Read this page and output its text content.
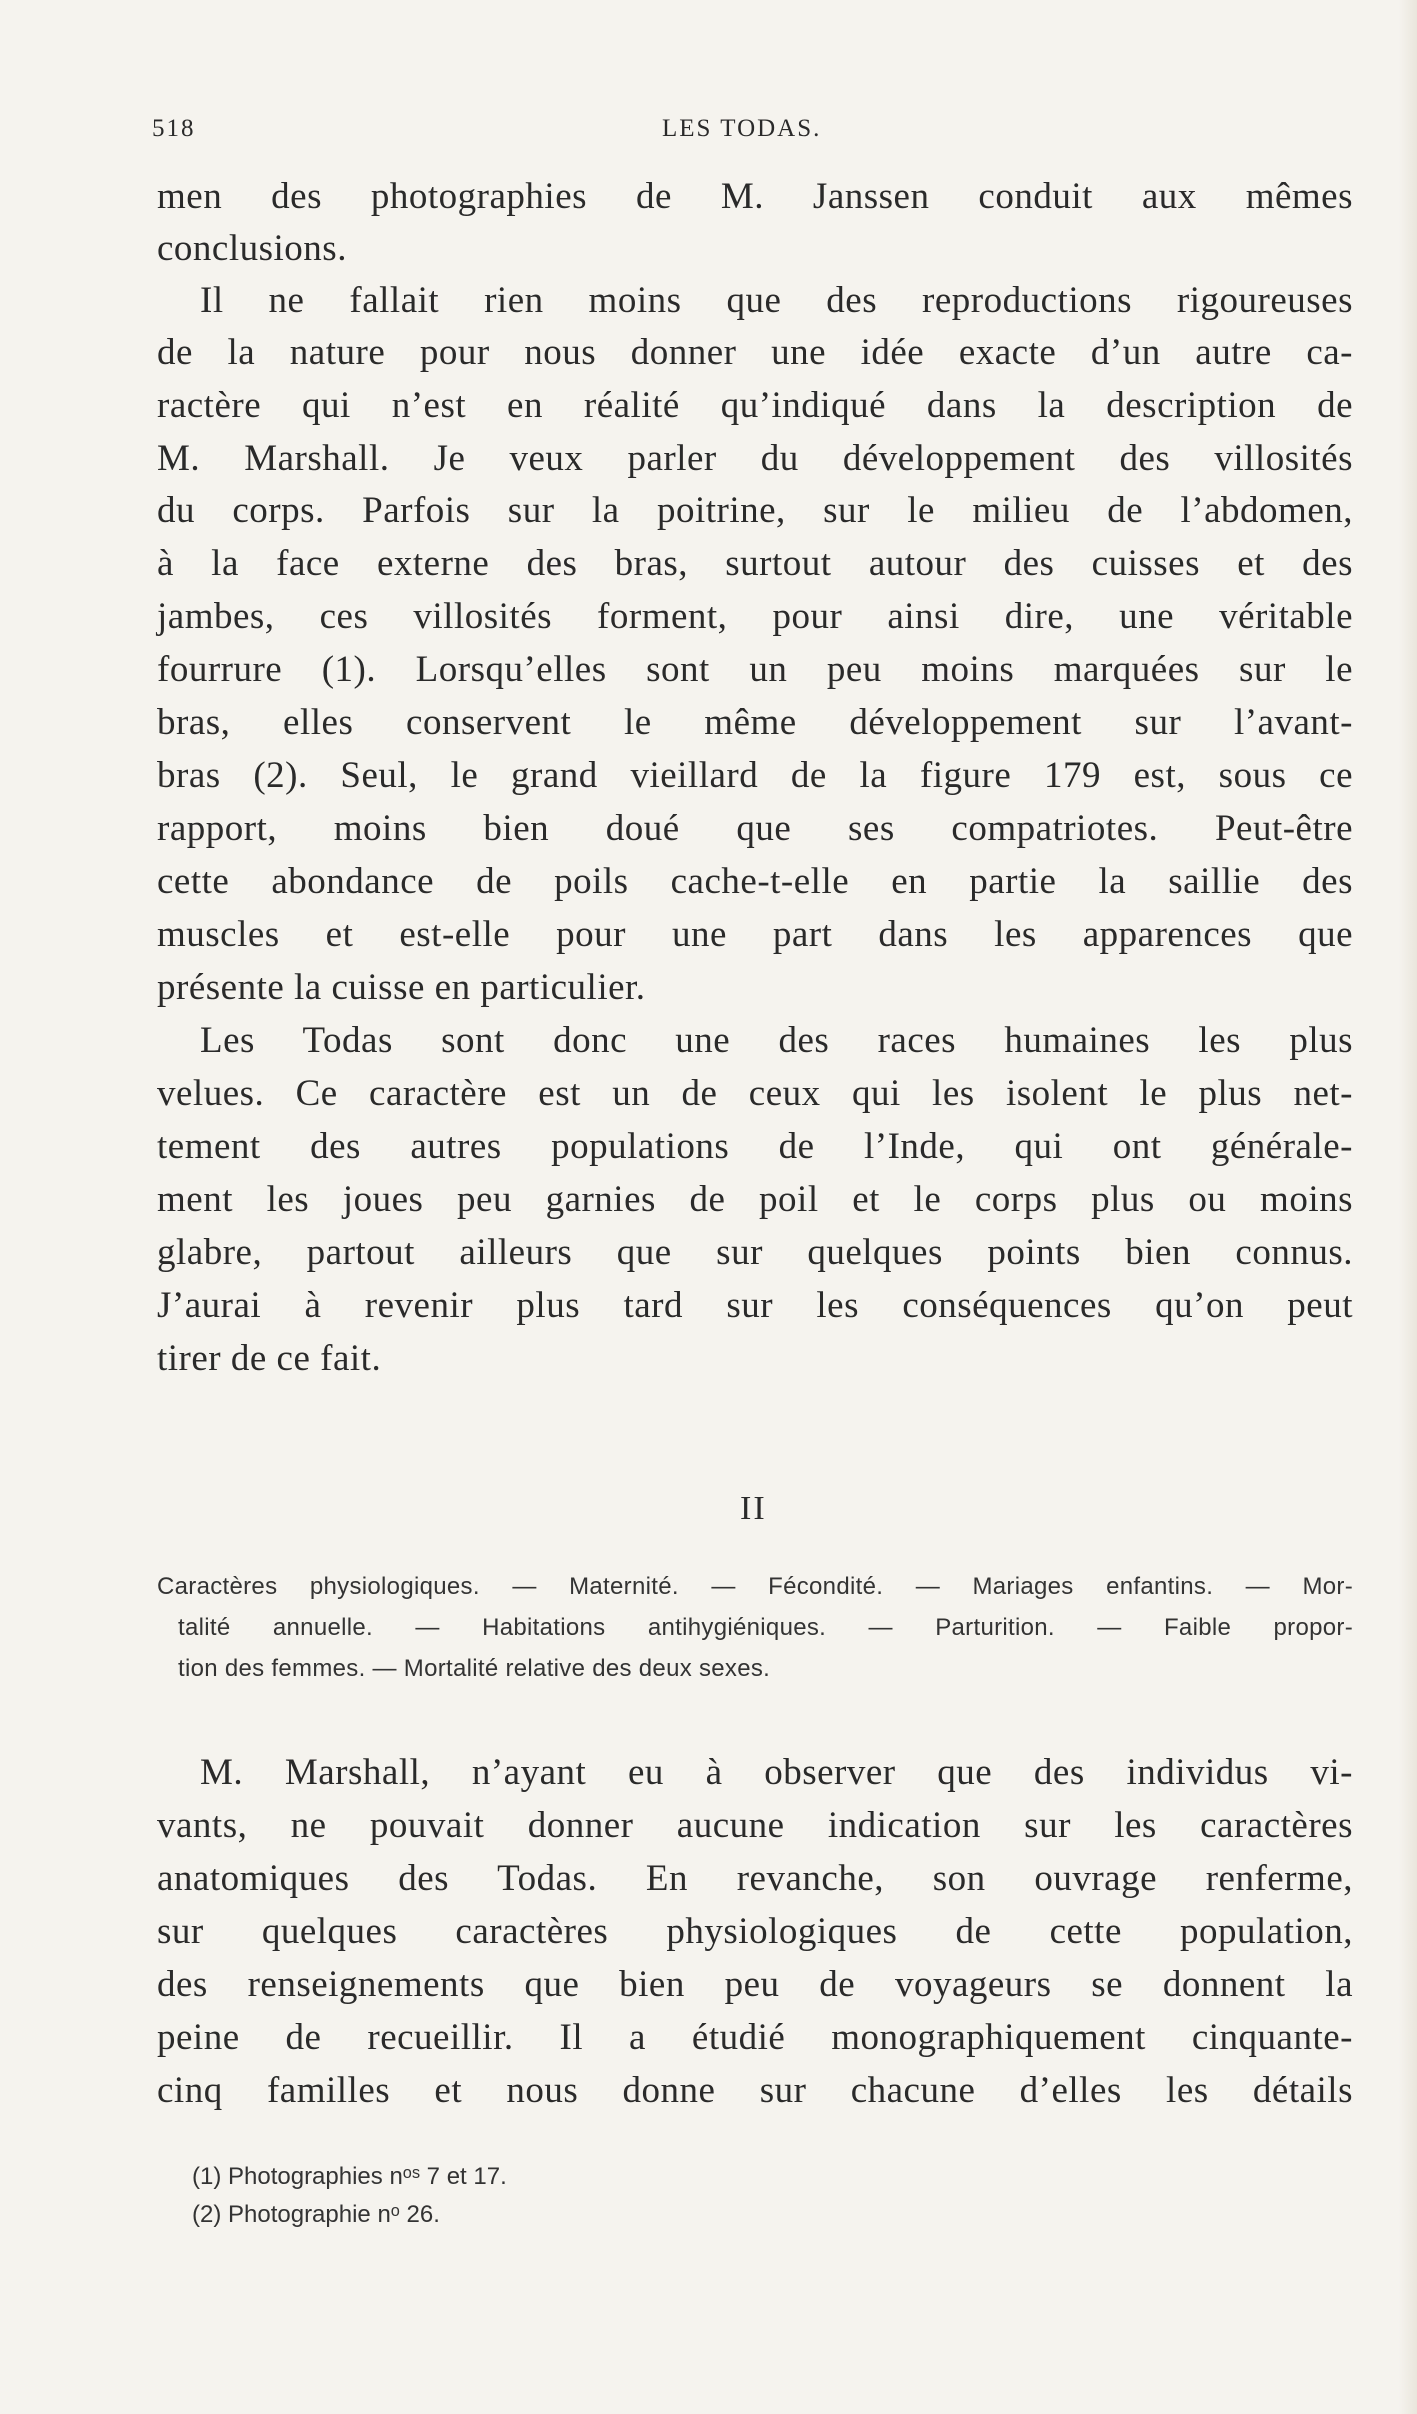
518	LES TODAS.
men des photographies de M. Janssen conduit aux mêmes
conclusions.
Il ne fallait rien moins que des reproductions rigoureuses
de la nature pour nous donner une idée exacte d’un autre ca-
ractère qui n’est en réalité qu’indiqué dans la description de
M. Marshall. Je veux parler du développement des villosités
du corps. Parfois sur la poitrine, sur le milieu de l’abdomen,
à la face externe des bras, surtout autour des cuisses et des
jambes, ces villosités forment, pour ainsi dire, une véritable
fourrure (1). Lorsqu’elles sont un peu moins marquées sur le
bras, elles conservent le même développement sur l’avant-
bras (2). Seul, le grand vieillard de la figure 179 est, sous ce
rapport, moins bien doué que ses compatriotes. Peut-être
cette abondance de poils cache-t-elle en partie la saillie des
muscles et est-elle pour une part dans les apparences que
présente la cuisse en particulier.
Les Todas sont donc une des races humaines les plus
velues. Ce caractère est un de ceux qui les isolent le plus net-
tement des autres populations de l’Inde, qui ont générale-
ment les joues peu garnies de poil et le corps plus ou moins
glabre, partout ailleurs que sur quelques points bien connus.
J’aurai à revenir plus tard sur les conséquences qu’on peut
tirer de ce fait.
II
Caractères physiologiques. — Maternité. — Fécondité. — Mariages enfantins. — Mor-
talité annuelle. — Habitations antihygiéniques. — Parturition. — Faible propor-
tion des femmes. — Mortalité relative des deux sexes.
M. Marshall, n’ayant eu à observer que des individus vi-
vants, ne pouvait donner aucune indication sur les caractères
anatomiques des Todas. En revanche, son ouvrage renferme,
sur quelques caractères physiologiques de cette population,
des renseignements que bien peu de voyageurs se donnent la
peine de recueillir. Il a étudié monographiquement cinquante-
cinq familles et nous donne sur chacune d’elles les détails
(1) Photographies nᵒˢ 7 et 17.
(2) Photographie nᵒ 26.
